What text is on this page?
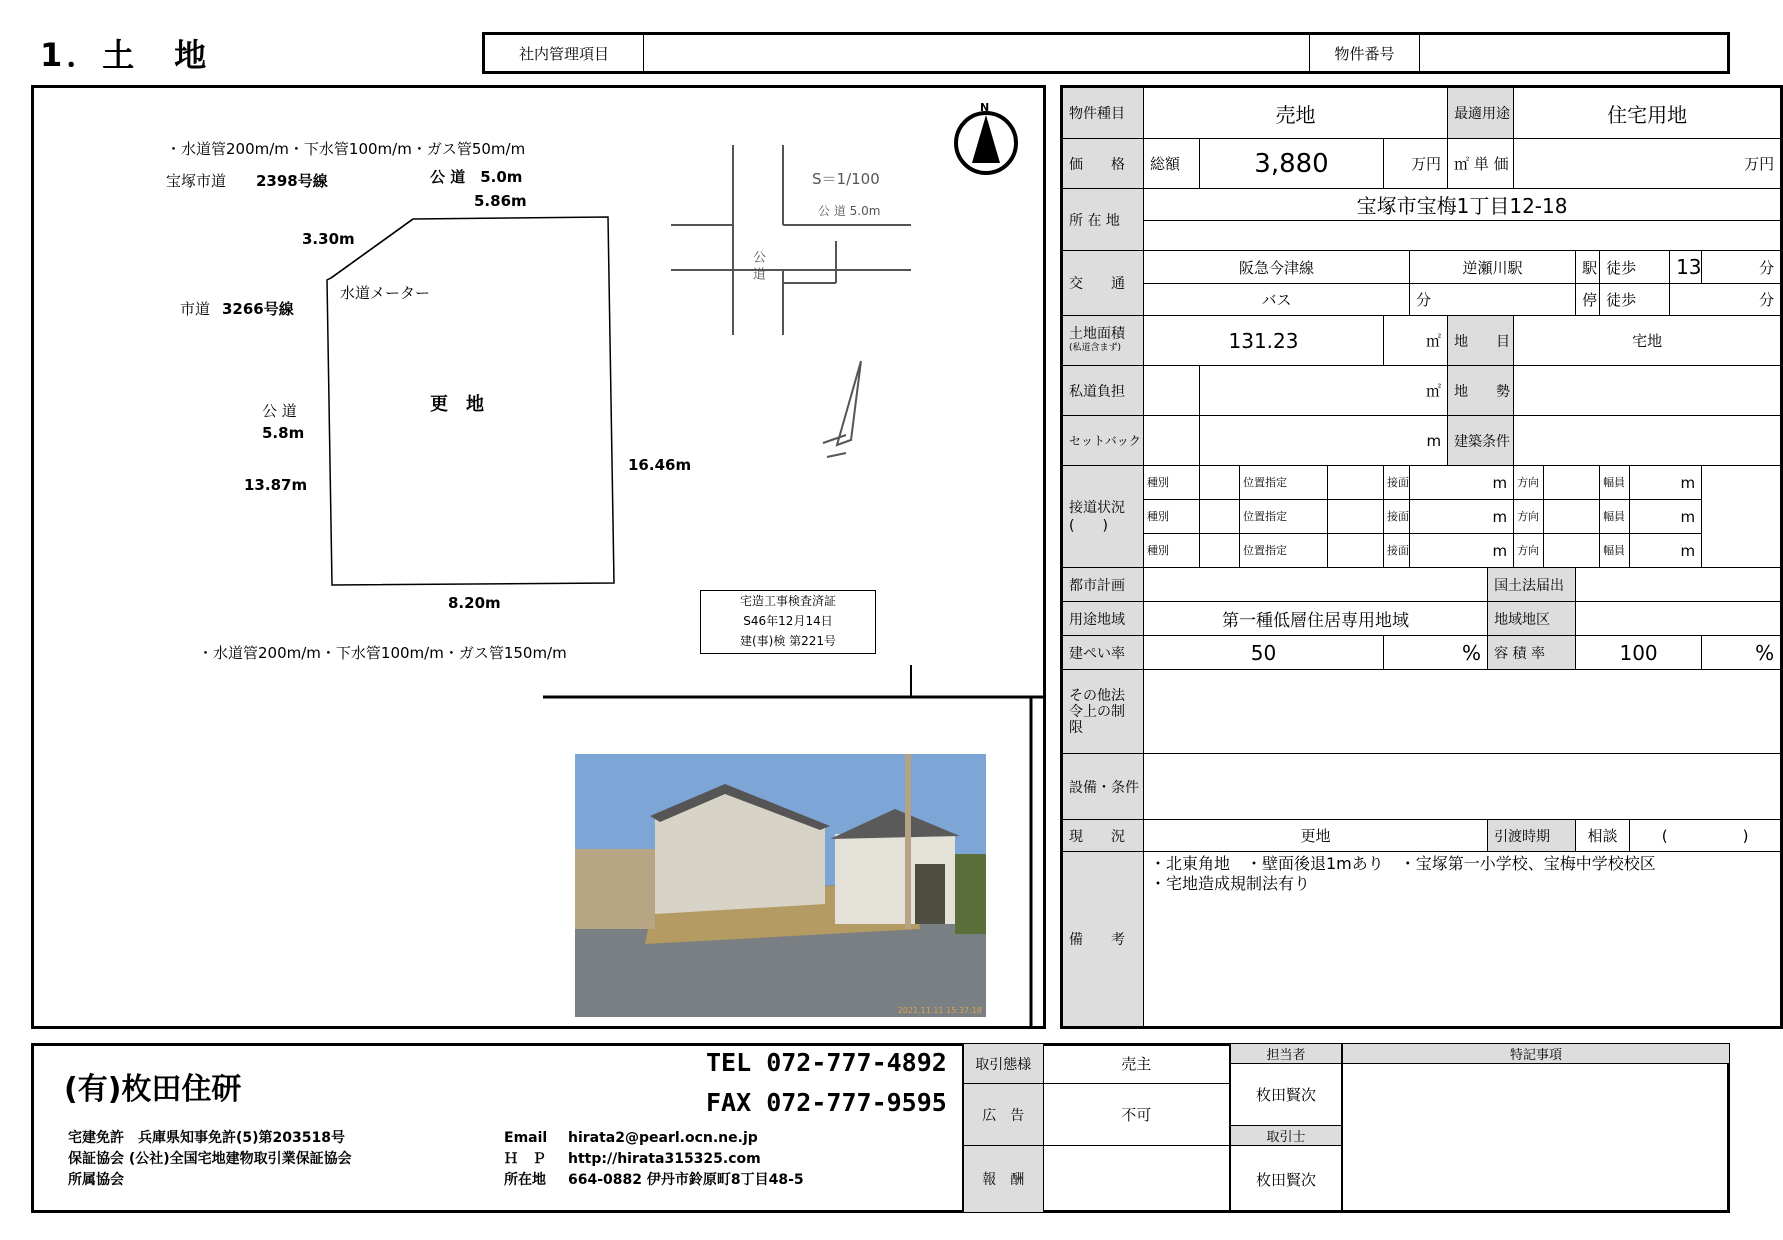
1．土　地	社内管理項目		物件番号	
・水道管200m/m・下水管100m/m・ガス管50m/m
宝塚市道 2398号線	公 道　5.0m
5.86m
3.30m
市道 3266号線
水道メーター
更　地
公 道
5.8m
13.87m
16.46m
8.20m
・水道管200m/m・下水管100m/m・ガス管150m/m
S＝1/100
公 道 5.0m
公 道
宅造工事検査済証
S46年12月14日
建(事)検 第221号
N
2021.11.11 15:37:18
物件種目	売地						最適用途		住宅用地						
価　　格	総額	3,880			万円		㎡ 単 価		万円						
所 在 地	宝塚市宝梅1丁目12-18														

交　　通	阪急今津線					逆瀬川駅					駅	徒歩		13	分
	バス					分					停	徒歩		分	

土地面積
(私道含まず)	131.23				㎡		地　　目		宅地						
私道負担		㎡					地　　勢								
セットバック		m					建築条件								

接道状況
(　　)	種別		位置指定		接面	m			方向			幅員	m		
	種別		位置指定		接面	m			方向			幅員	m		
	種別		位置指定		接面	m			方向			幅員	m		
都市計画								国土法届出							
用途地域	第一種低層住居専用地域							地域地区							
建ぺい率	50				%			容 積 率			100				%
その他法令上の制限															
設備・条件															
現　　況	更地							引渡時期			相談		(　　　　　)		
備　　考	・北東角地　・壁面後退1mあり　・宝塚第一小学校、宝梅中学校校区
・宅地造成規制法有り														
(有)枚田住研
TEL 072-777-4892
FAX 072-777-9595
宅建免許　兵庫県知事免許(5)第203518号
保証協会 (公社)全国宅地建物取引業保証協会
所属協会
Email
Ｈ　Ｐ
所在地
hirata2@pearl.ocn.ne.jp
http://hirata315325.com
664-0882 伊丹市鈴原町8丁目48-5
取引態様	売主
広　告	不可
報　酬	
担当者
枚田賢次
取引士
枚田賢次
特記事項
